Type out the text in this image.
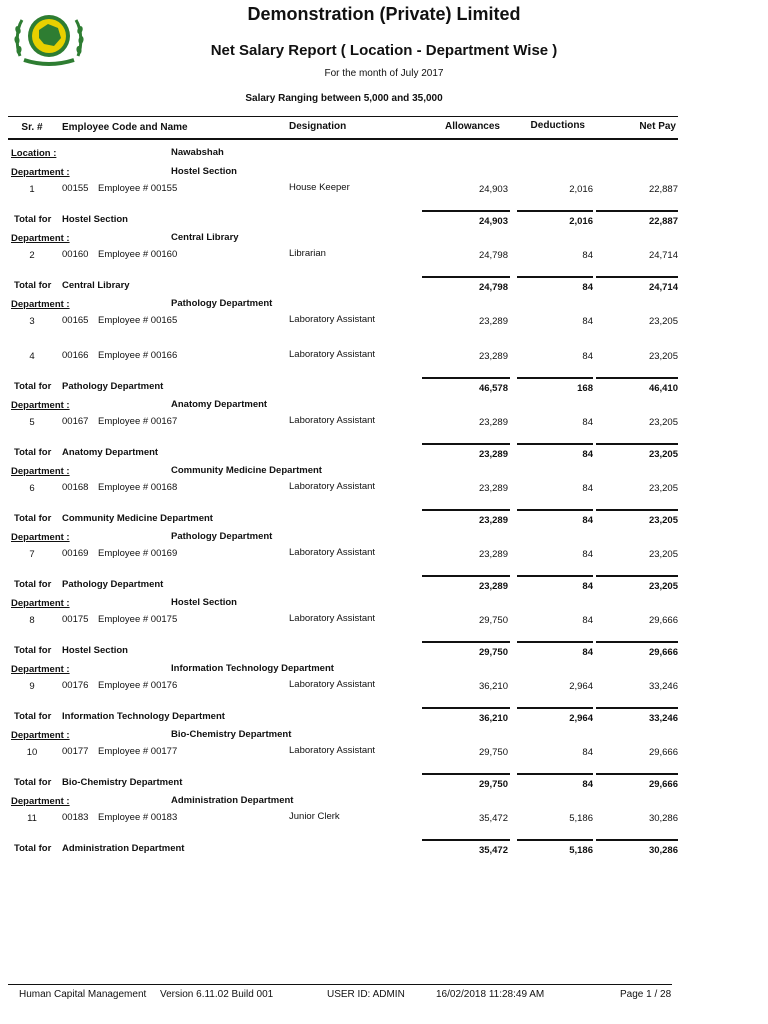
Demonstration (Private) Limited
Net Salary Report ( Location - Department Wise )
For the month of July 2017
Salary Ranging between 5,000 and 35,000
Sr. #	Employee Code and Name	Designation	Allowances	Deductions	Net Pay
Location :	Nawabshah
Department :	Hostel Section
1	00155 Employee # 00155	House Keeper	24,903	2,016	22,887
Total for Hostel Section	24,903	2,016	22,887
Department :	Central Library
2	00160 Employee # 00160	Librarian	24,798	84	24,714
Total for Central Library	24,798	84	24,714
Department :	Pathology Department
3	00165 Employee # 00165	Laboratory Assistant	23,289	84	23,205
4	00166 Employee # 00166	Laboratory Assistant	23,289	84	23,205
Total for Pathology Department	46,578	168	46,410
Department :	Anatomy Department
5	00167 Employee # 00167	Laboratory Assistant	23,289	84	23,205
Total for Anatomy Department	23,289	84	23,205
Department :	Community Medicine Department
6	00168 Employee # 00168	Laboratory Assistant	23,289	84	23,205
Total for Community Medicine Department	23,289	84	23,205
Department :	Pathology Department
7	00169 Employee # 00169	Laboratory Assistant	23,289	84	23,205
Total for Pathology Department	23,289	84	23,205
Department :	Hostel Section
8	00175 Employee # 00175	Laboratory Assistant	29,750	84	29,666
Total for Hostel Section	29,750	84	29,666
Department :	Information Technology Department
9	00176 Employee # 00176	Laboratory Assistant	36,210	2,964	33,246
Total for Information Technology Department	36,210	2,964	33,246
Department :	Bio-Chemistry Department
10	00177 Employee # 00177	Laboratory Assistant	29,750	84	29,666
Total for Bio-Chemistry Department	29,750	84	29,666
Department :	Administration Department
11	00183 Employee # 00183	Junior Clerk	35,472	5,186	30,286
Total for Administration Department	35,472	5,186	30,286
Human Capital Management Version 6.11.02 Build 001	USER ID: ADMIN	16/02/2018 11:28:49 AM	Page 1 / 28
